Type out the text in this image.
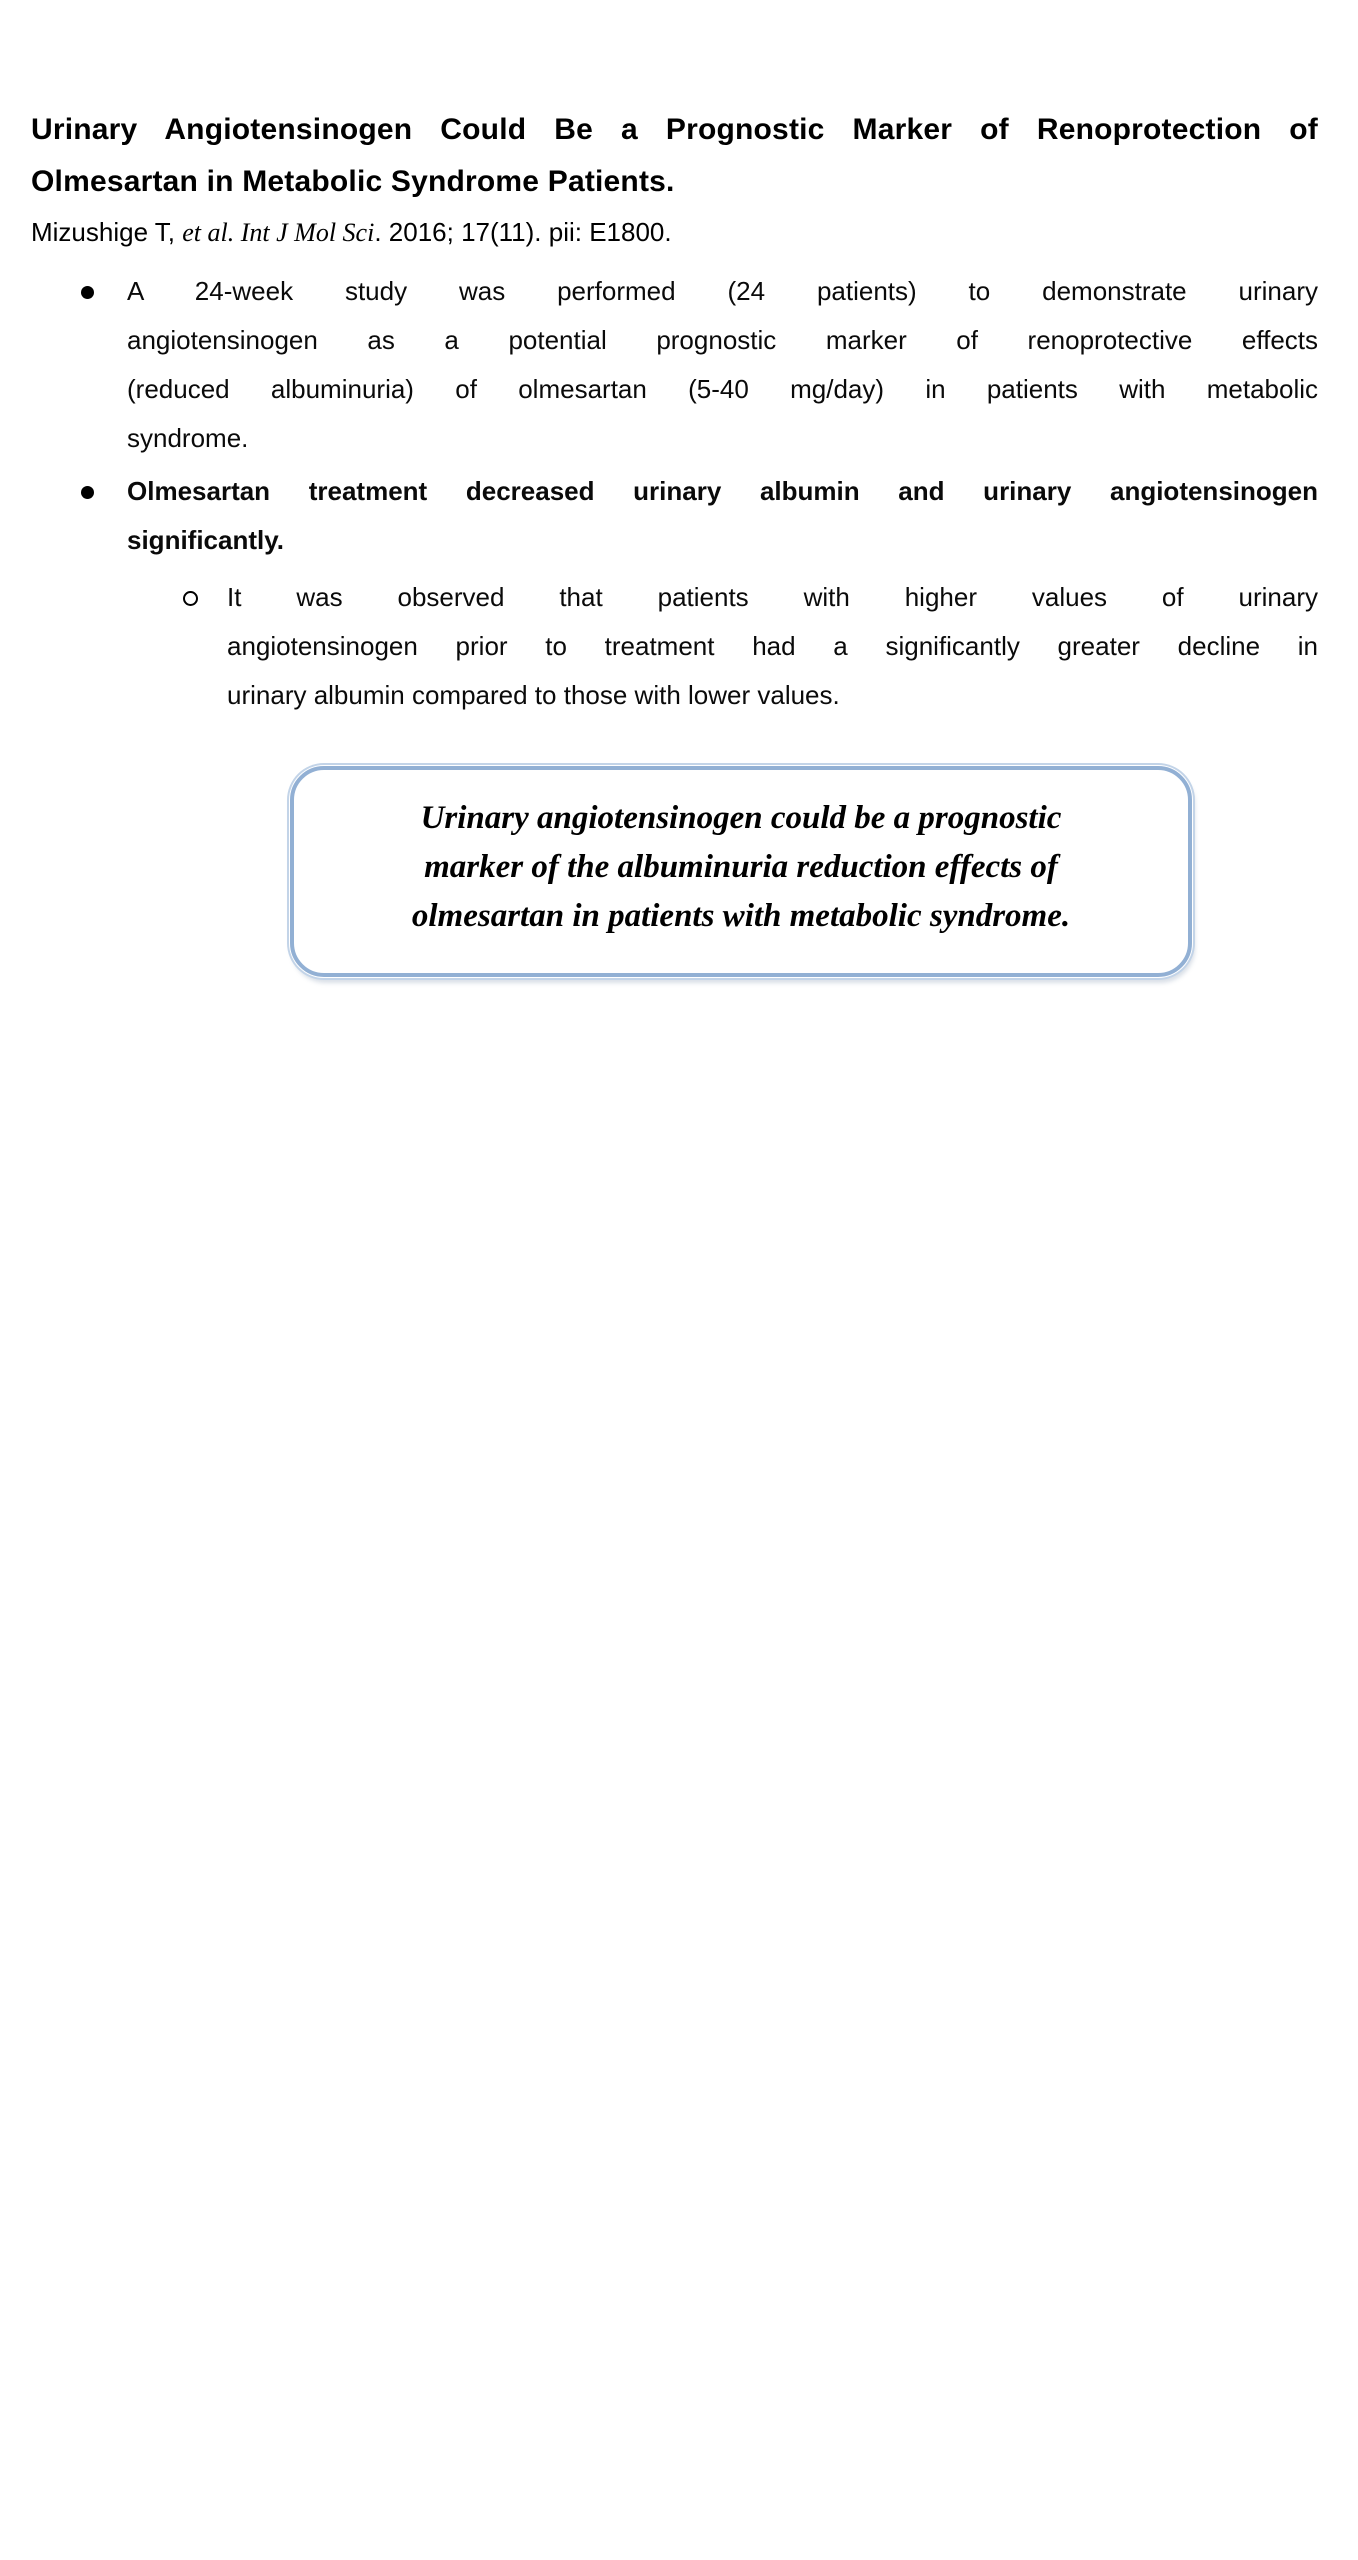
Urinary Angiotensinogen Could Be a Prognostic Marker of Renoprotection of
Olmesartan in Metabolic Syndrome Patients.
Mizushige T, et al. Int J Mol Sci. 2016; 17(11). pii: E1800.
A 24-week study was performed (24 patients) to demonstrate urinary
angiotensinogen as a potential prognostic marker of renoprotective effects
(reduced albuminuria) of olmesartan (5-40 mg/day) in patients with metabolic
syndrome.
Olmesartan treatment decreased urinary albumin and urinary angiotensinogen
significantly.
It was observed that patients with higher values of urinary
angiotensinogen prior to treatment had a significantly greater decline in
urinary albumin compared to those with lower values.
Urinary angiotensinogen could be a prognostic
marker of the albuminuria reduction effects of
olmesartan in patients with metabolic syndrome.
